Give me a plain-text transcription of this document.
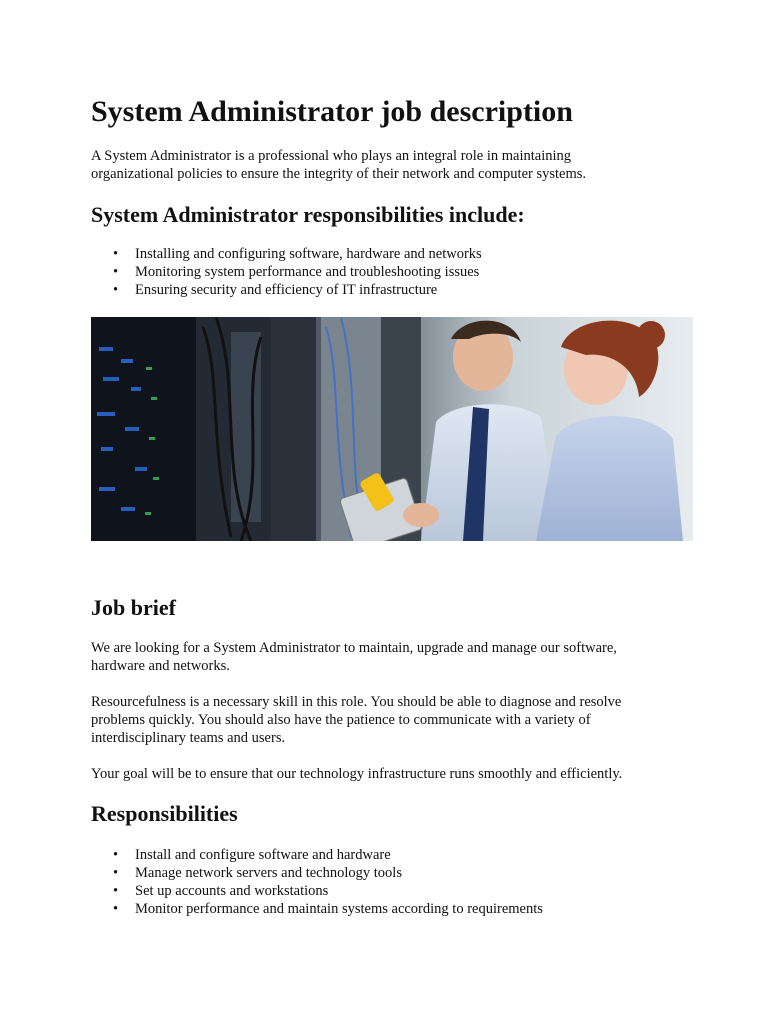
System Administrator job description

A System Administrator is a professional who plays an integral role in maintaining
organizational policies to ensure the integrity of their network and computer systems.

System Administrator responsibilities include:
• Installing and configuring software, hardware and networks
• Monitoring system performance and troubleshooting issues
• Ensuring security and efficiency of IT infrastructure
Job brief

We are looking for a System Administrator to maintain, upgrade and manage our software,
hardware and networks.

Resourcefulness is a necessary skill in this role. You should be able to diagnose and resolve
problems quickly. You should also have the patience to communicate with a variety of
interdisciplinary teams and users.

Your goal will be to ensure that our technology infrastructure runs smoothly and efficiently.

Responsibilities
• Install and configure software and hardware
• Manage network servers and technology tools
• Set up accounts and workstations
• Monitor performance and maintain systems according to requirements
